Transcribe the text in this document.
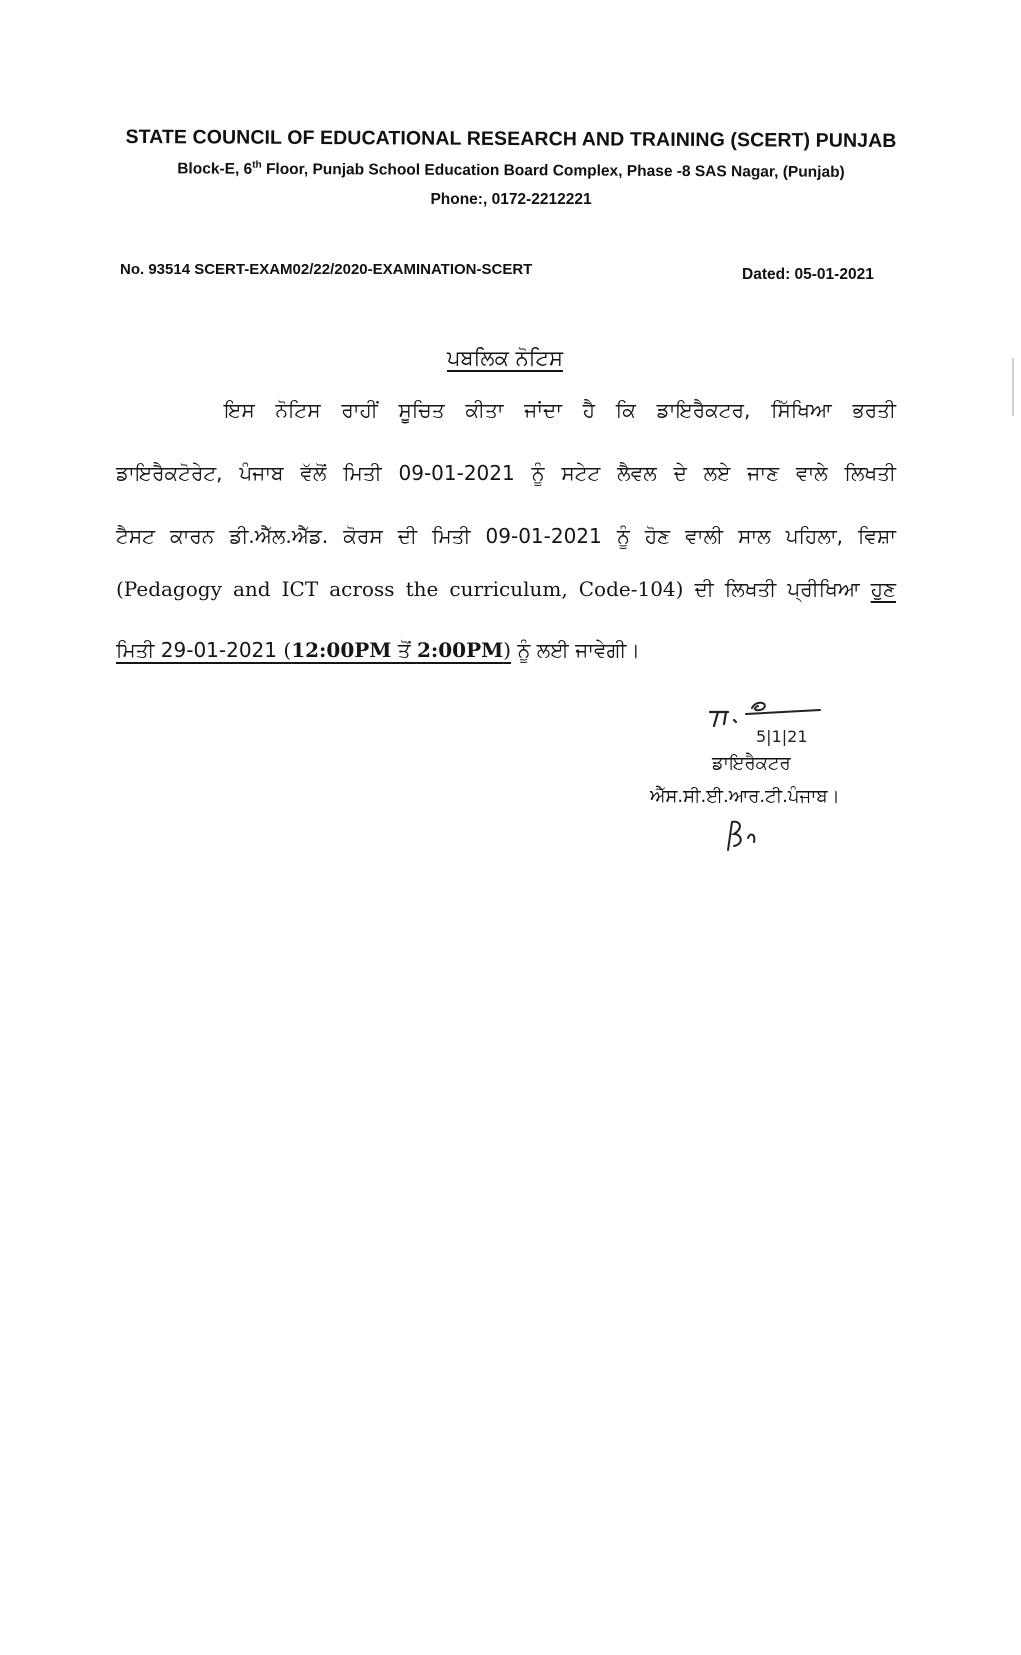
STATE COUNCIL OF EDUCATIONAL RESEARCH AND TRAINING (SCERT) PUNJAB
Block-E, 6th Floor, Punjab School Education Board Complex, Phase -8 SAS Nagar, (Punjab)
Phone:, 0172-2212221
No. 93514 SCERT-EXAM02/22/2020-EXAMINATION-SCERT	Dated: 05-01-2021
ਪਬਲਿਕ ਨੋਟਿਸ
ਇਸ ਨੋਟਿਸ ਰਾਹੀਂ ਸੂਚਿਤ ਕੀਤਾ ਜਾਂਦਾ ਹੈ ਕਿ ਡਾਇਰੈਕਟਰ, ਸਿੱਖਿਆ ਭਰਤੀ
ਡਾਇਰੈਕਟੋਰੇਟ, ਪੰਜਾਬ ਵੱਲੋਂ ਮਿਤੀ 09-01-2021 ਨੂੰ ਸਟੇਟ ਲੈਵਲ ਦੇ ਲਏ ਜਾਣ ਵਾਲੇ ਲਿਖਤੀ
ਟੈਸਟ ਕਾਰਨ ਡੀ.ਐੱਲ.ਐੱਡ. ਕੋਰਸ ਦੀ ਮਿਤੀ 09-01-2021 ਨੂੰ ਹੋਣ ਵਾਲੀ ਸਾਲ ਪਹਿਲਾ, ਵਿਸ਼ਾ
(Pedagogy and ICT across the curriculum, Code-104) ਦੀ ਲਿਖਤੀ ਪ੍ਰੀਖਿਆ ਹੁਣ
ਮਿਤੀ 29-01-2021 (12:00PM ਤੋਂ 2:00PM) ਨੂੰ ਲਈ ਜਾਵੇਗੀ।
5|1|21
ਡਾਇਰੈਕਟਰ
ਐੱਸ.ਸੀ.ਈ.ਆਰ.ਟੀ.ਪੰਜਾਬ।
